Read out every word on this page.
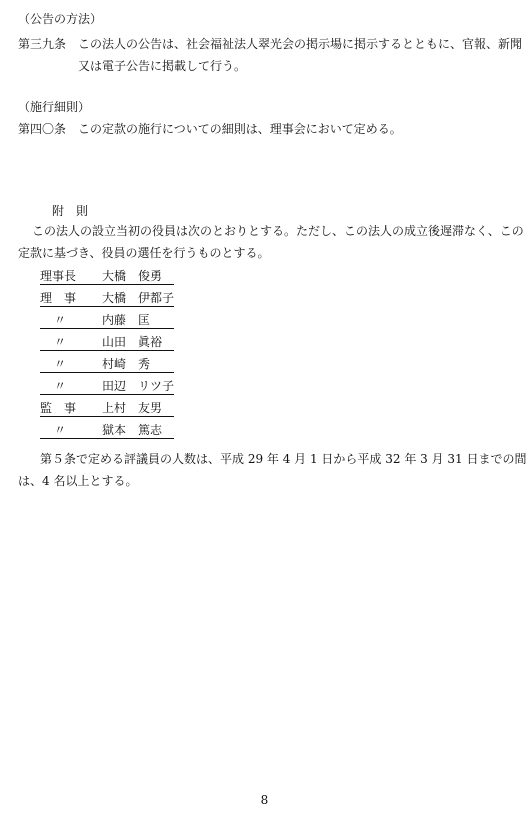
（公告の方法）
第三九条 この法人の公告は、社会福祉法人翠光会の掲示場に掲示するとともに、官報、新聞
又は電子公告に掲載して行う。
（施行細則）
第四〇条 この定款の施行についての細則は、理事会において定める。
附　則
この法人の設立当初の役員は次のとおりとする。ただし、この法人の成立後遅滞なく、この
定款に基づき、役員の選任を行うものとする。
理事長 大橋　俊勇
理　事 大橋　伊都子
〃	内藤　匡
〃	山田　眞裕
〃	村崎　秀
〃	田辺　リツ子
監　事 上村　友男
〃	獄本　篤志
第５条で定める評議員の人数は、平成 29 年 4 月 1 日から平成 32 年 3 月 31 日までの間
は、4 名以上とする。
8
